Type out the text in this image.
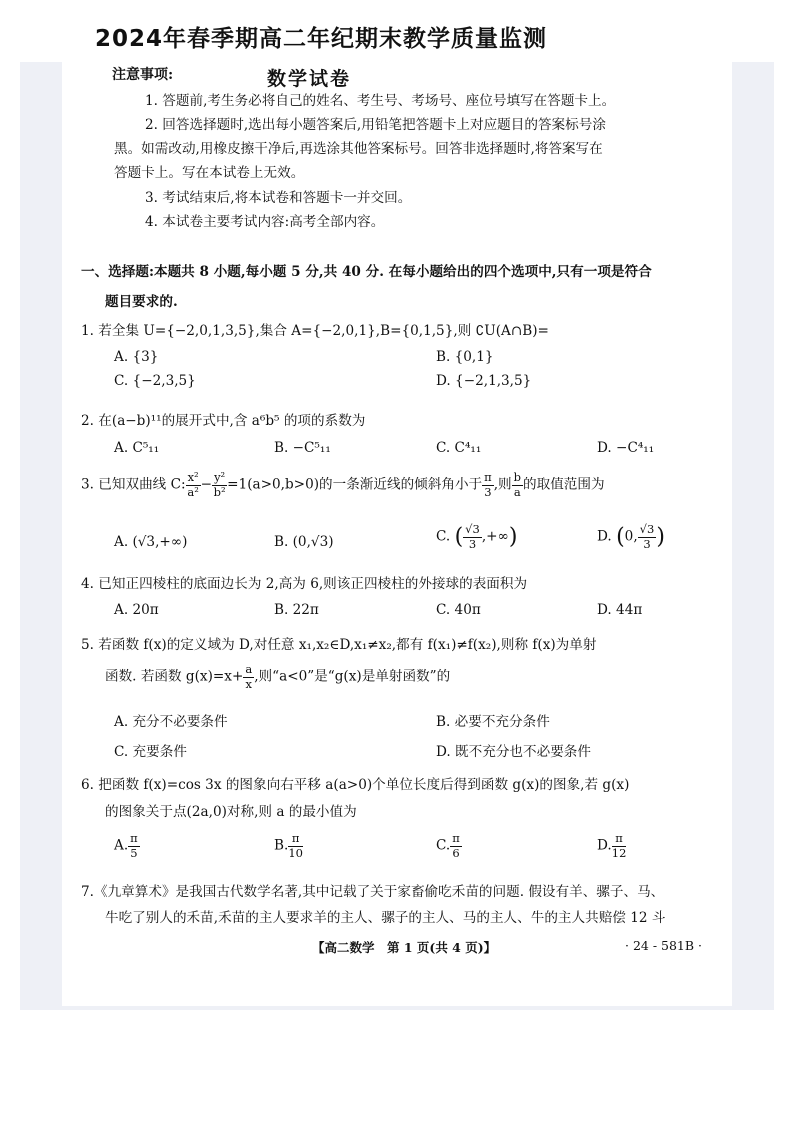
2024年春季期高二年纪期末教学质量监测
注意事项:	数学试卷
1. 答题前,考生务必将自己的姓名、考生号、考场号、座位号填写在答题卡上。
2. 回答选择题时,选出每小题答案后,用铅笔把答题卡上对应题目的答案标号涂
黑。如需改动,用橡皮擦干净后,再选涂其他答案标号。回答非选择题时,将答案写在
答题卡上。写在本试卷上无效。
3. 考试结束后,将本试卷和答题卡一并交回。
4. 本试卷主要考试内容:高考全部内容。
一、选择题:本题共 8 小题,每小题 5 分,共 40 分. 在每小题给出的四个选项中,只有一项是符合
题目要求的.
1. 若全集 U={−2,0,1,3,5},集合 A={−2,0,1},B={0,1,5},则 ∁U(A∩B)=
A. {3}	B. {0,1}
C. {−2,3,5}	D. {−2,1,3,5}
2. 在(a−b)¹¹的展开式中,含 a⁶b⁵ 的项的系数为
A. C⁵₁₁	B. −C⁵₁₁	C. C⁴₁₁	D. −C⁴₁₁
3. 已知双曲线 C: $\frac{\text{x²}}{\text{a²}} - \frac{\text{y²}}{\text{b²}} =1(a>0,b>0)$的一条渐近线的倾斜角小于 $\frac{\pi}{3}$ ,则 $\frac{b}{a}$ 的取值范围为
A. (√3,+∞)	B. (0,√3)	C. ( $\frac{√3}{3}$ ,+∞)	D. (0, $\frac{√3}{3}$ )
4. 已知正四棱柱的底面边长为 2,高为 6,则该正四棱柱的外接球的表面积为
A. 20π	B. 22π	C. 40π	D. 44π
5. 若函数 f(x)的定义域为 D,对任意 x₁,x₂∈D,x₁≠x₂,都有 f(x₁)≠f(x₂),则称 f(x)为单射
函数. 若函数 $g(x)=x+ \frac{a}{x}$ ,则“a<0”是“g(x)是单射函数”的
A. 充分不必要条件	B. 必要不充分条件
C. 充要条件	D. 既不充分也不必要条件
6. 把函数 f(x)=cos 3x 的图象向右平移 a(a>0)个单位长度后得到函数 g(x)的图象,若 g(x)
的图象关于点(2a,0)对称,则 a 的最小值为
A. $\frac{\pi}{5}$	B. $\frac{\pi}{10}$	C. $\frac{\pi}{6}$	D. $\frac{\pi}{12}$
7.《九章算术》是我国古代数学名著,其中记载了关于家畜偷吃禾苗的问题. 假设有羊、骡子、马、
牛吃了别人的禾苗,禾苗的主人要求羊的主人、骡子的主人、马的主人、牛的主人共赔偿 12 斗
【高二数学　第 1 页(共 4 页)】	· 24 - 581B ·
